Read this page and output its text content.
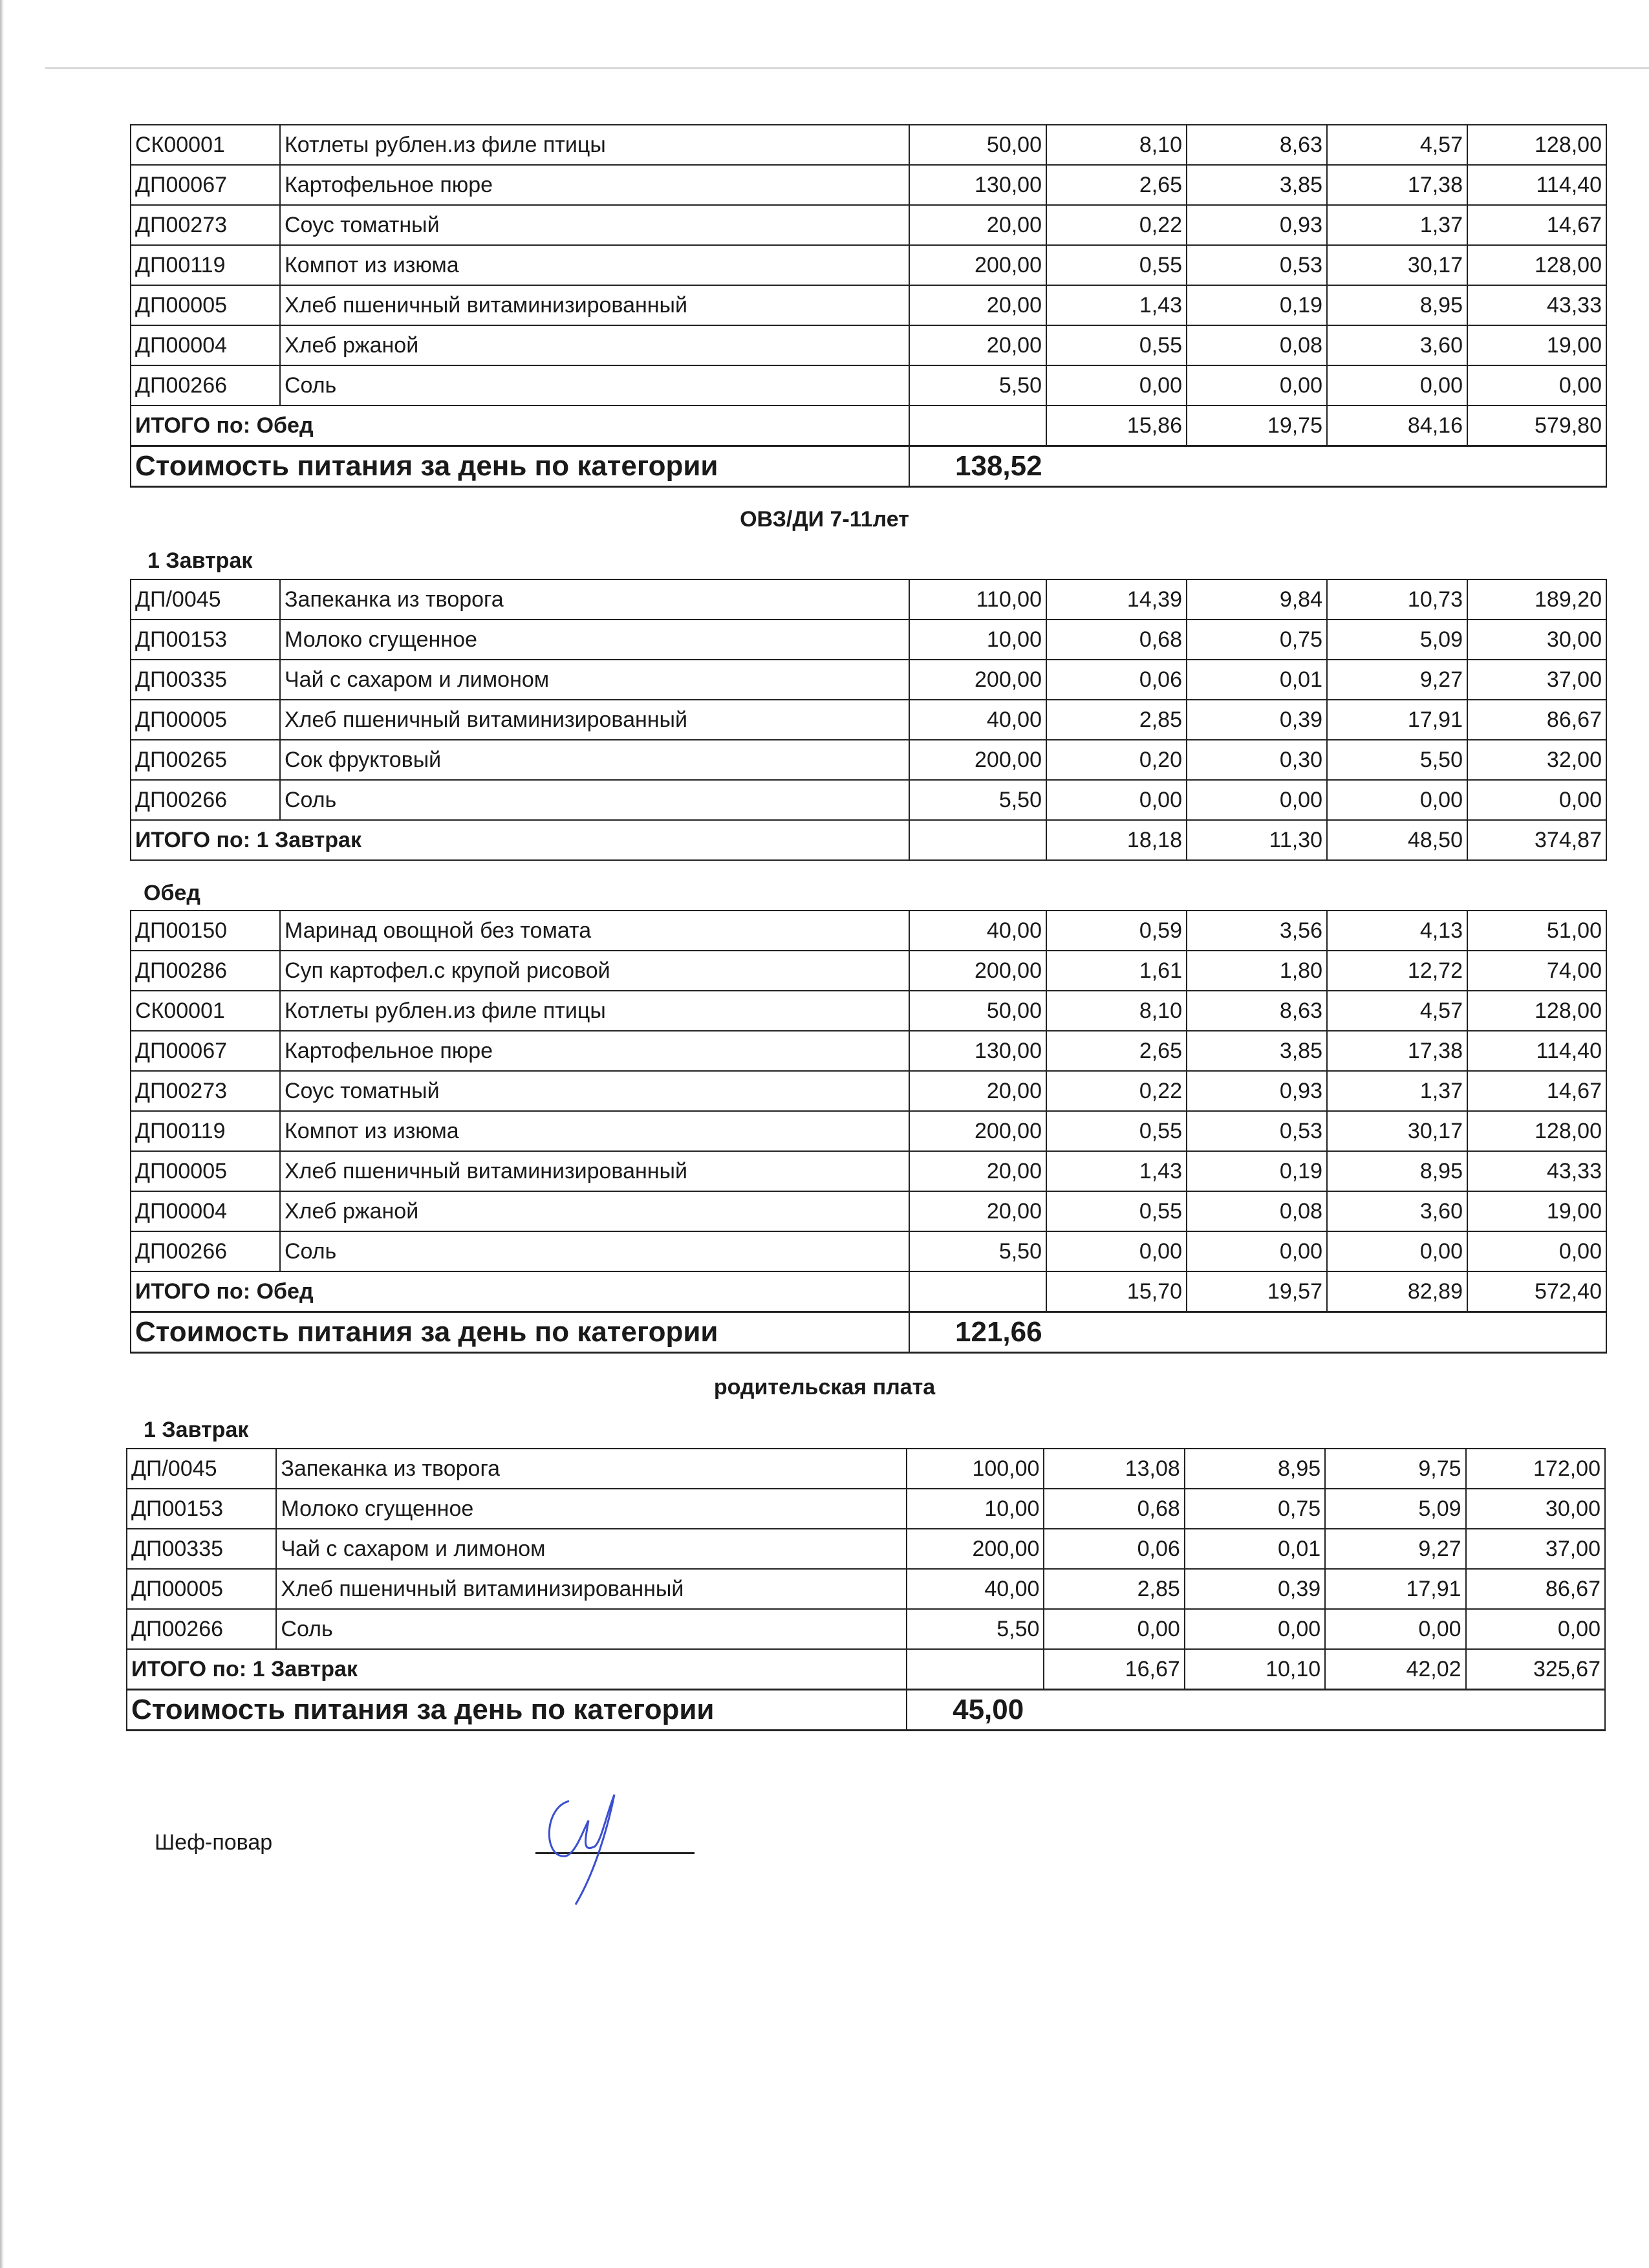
СК00001	Котлеты рублен.из филе птицы	50,00	8,10	8,63	4,57	128,00
ДП00067	Картофельное пюре	130,00	2,65	3,85	17,38	114,40
ДП00273	Соус томатный	20,00	0,22	0,93	1,37	14,67
ДП00119	Компот из изюма	200,00	0,55	0,53	30,17	128,00
ДП00005	Хлеб пшеничный витаминизированный	20,00	1,43	0,19	8,95	43,33
ДП00004	Хлеб ржаной	20,00	0,55	0,08	3,60	19,00
ДП00266	Соль	5,50	0,00	0,00	0,00	0,00
ИТОГО по: Обед			15,86	19,75	84,16	579,80
Стоимость питания за день по категории		138,52				
ОВЗ/ДИ 7-11лет
1 Завтрак
ДП/0045	Запеканка из творога	110,00	14,39	9,84	10,73	189,20
ДП00153	Молоко сгущенное	10,00	0,68	0,75	5,09	30,00
ДП00335	Чай с сахаром и лимоном	200,00	0,06	0,01	9,27	37,00
ДП00005	Хлеб пшеничный витаминизированный	40,00	2,85	0,39	17,91	86,67
ДП00265	Сок фруктовый	200,00	0,20	0,30	5,50	32,00
ДП00266	Соль	5,50	0,00	0,00	0,00	0,00
ИТОГО по: 1 Завтрак			18,18	11,30	48,50	374,87
Обед
ДП00150	Маринад овощной без томата	40,00	0,59	3,56	4,13	51,00
ДП00286	Суп картофел.с крупой рисовой	200,00	1,61	1,80	12,72	74,00
СК00001	Котлеты рублен.из филе птицы	50,00	8,10	8,63	4,57	128,00
ДП00067	Картофельное пюре	130,00	2,65	3,85	17,38	114,40
ДП00273	Соус томатный	20,00	0,22	0,93	1,37	14,67
ДП00119	Компот из изюма	200,00	0,55	0,53	30,17	128,00
ДП00005	Хлеб пшеничный витаминизированный	20,00	1,43	0,19	8,95	43,33
ДП00004	Хлеб ржаной	20,00	0,55	0,08	3,60	19,00
ДП00266	Соль	5,50	0,00	0,00	0,00	0,00
ИТОГО по: Обед			15,70	19,57	82,89	572,40
Стоимость питания за день по категории		121,66				
родительская плата
1 Завтрак
ДП/0045	Запеканка из творога	100,00	13,08	8,95	9,75	172,00
ДП00153	Молоко сгущенное	10,00	0,68	0,75	5,09	30,00
ДП00335	Чай с сахаром и лимоном	200,00	0,06	0,01	9,27	37,00
ДП00005	Хлеб пшеничный витаминизированный	40,00	2,85	0,39	17,91	86,67
ДП00266	Соль	5,50	0,00	0,00	0,00	0,00
ИТОГО по: 1 Завтрак			16,67	10,10	42,02	325,67
Стоимость питания за день по категории		45,00				
Шеф-повар
